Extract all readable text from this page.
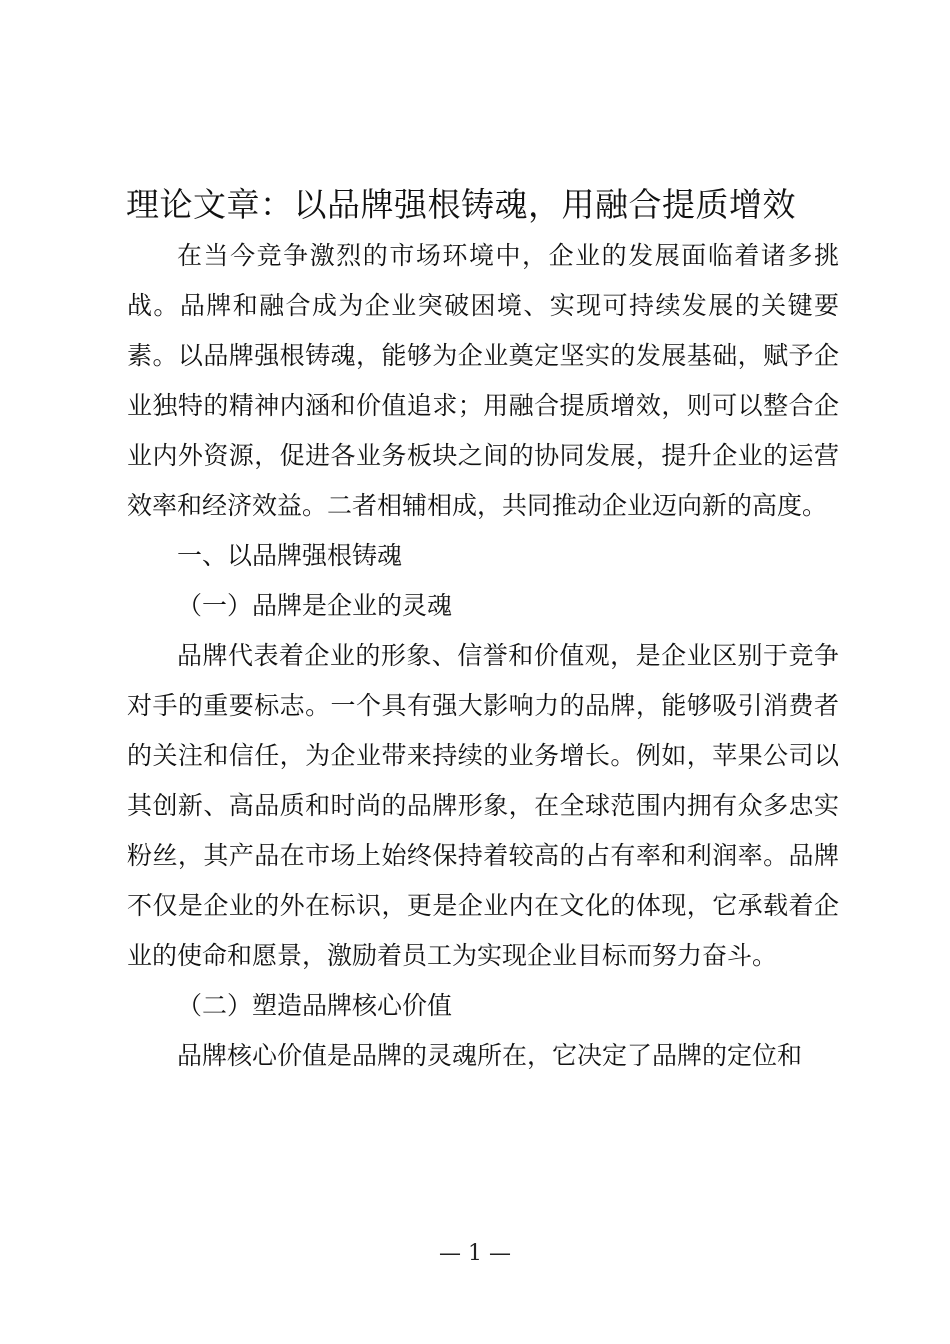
理论文章：以品牌强根铸魂，用融合提质增效

在当今竞争激烈的市场环境中，企业的发展面临着诸多挑战。品牌和融合成为企业突破困境、实现可持续发展的关键要素。以品牌强根铸魂，能够为企业奠定坚实的发展基础，赋予企业独特的精神内涵和价值追求；用融合提质增效，则可以整合企业内外资源，促进各业务板块之间的协同发展，提升企业的运营效率和经济效益。二者相辅相成，共同推动企业迈向新的高度。

一、以品牌强根铸魂

（一）品牌是企业的灵魂

品牌代表着企业的形象、信誉和价值观，是企业区别于竞争对手的重要标志。一个具有强大影响力的品牌，能够吸引消费者的关注和信任，为企业带来持续的业务增长。例如，苹果公司以其创新、高品质和时尚的品牌形象，在全球范围内拥有众多忠实粉丝，其产品在市场上始终保持着较高的占有率和利润率。品牌不仅是企业的外在标识，更是企业内在文化的体现，它承载着企业的使命和愿景，激励着员工为实现企业目标而努力奋斗。

（二）塑造品牌核心价值

品牌核心价值是品牌的灵魂所在，它决定了品牌的定位和

— 1 —
